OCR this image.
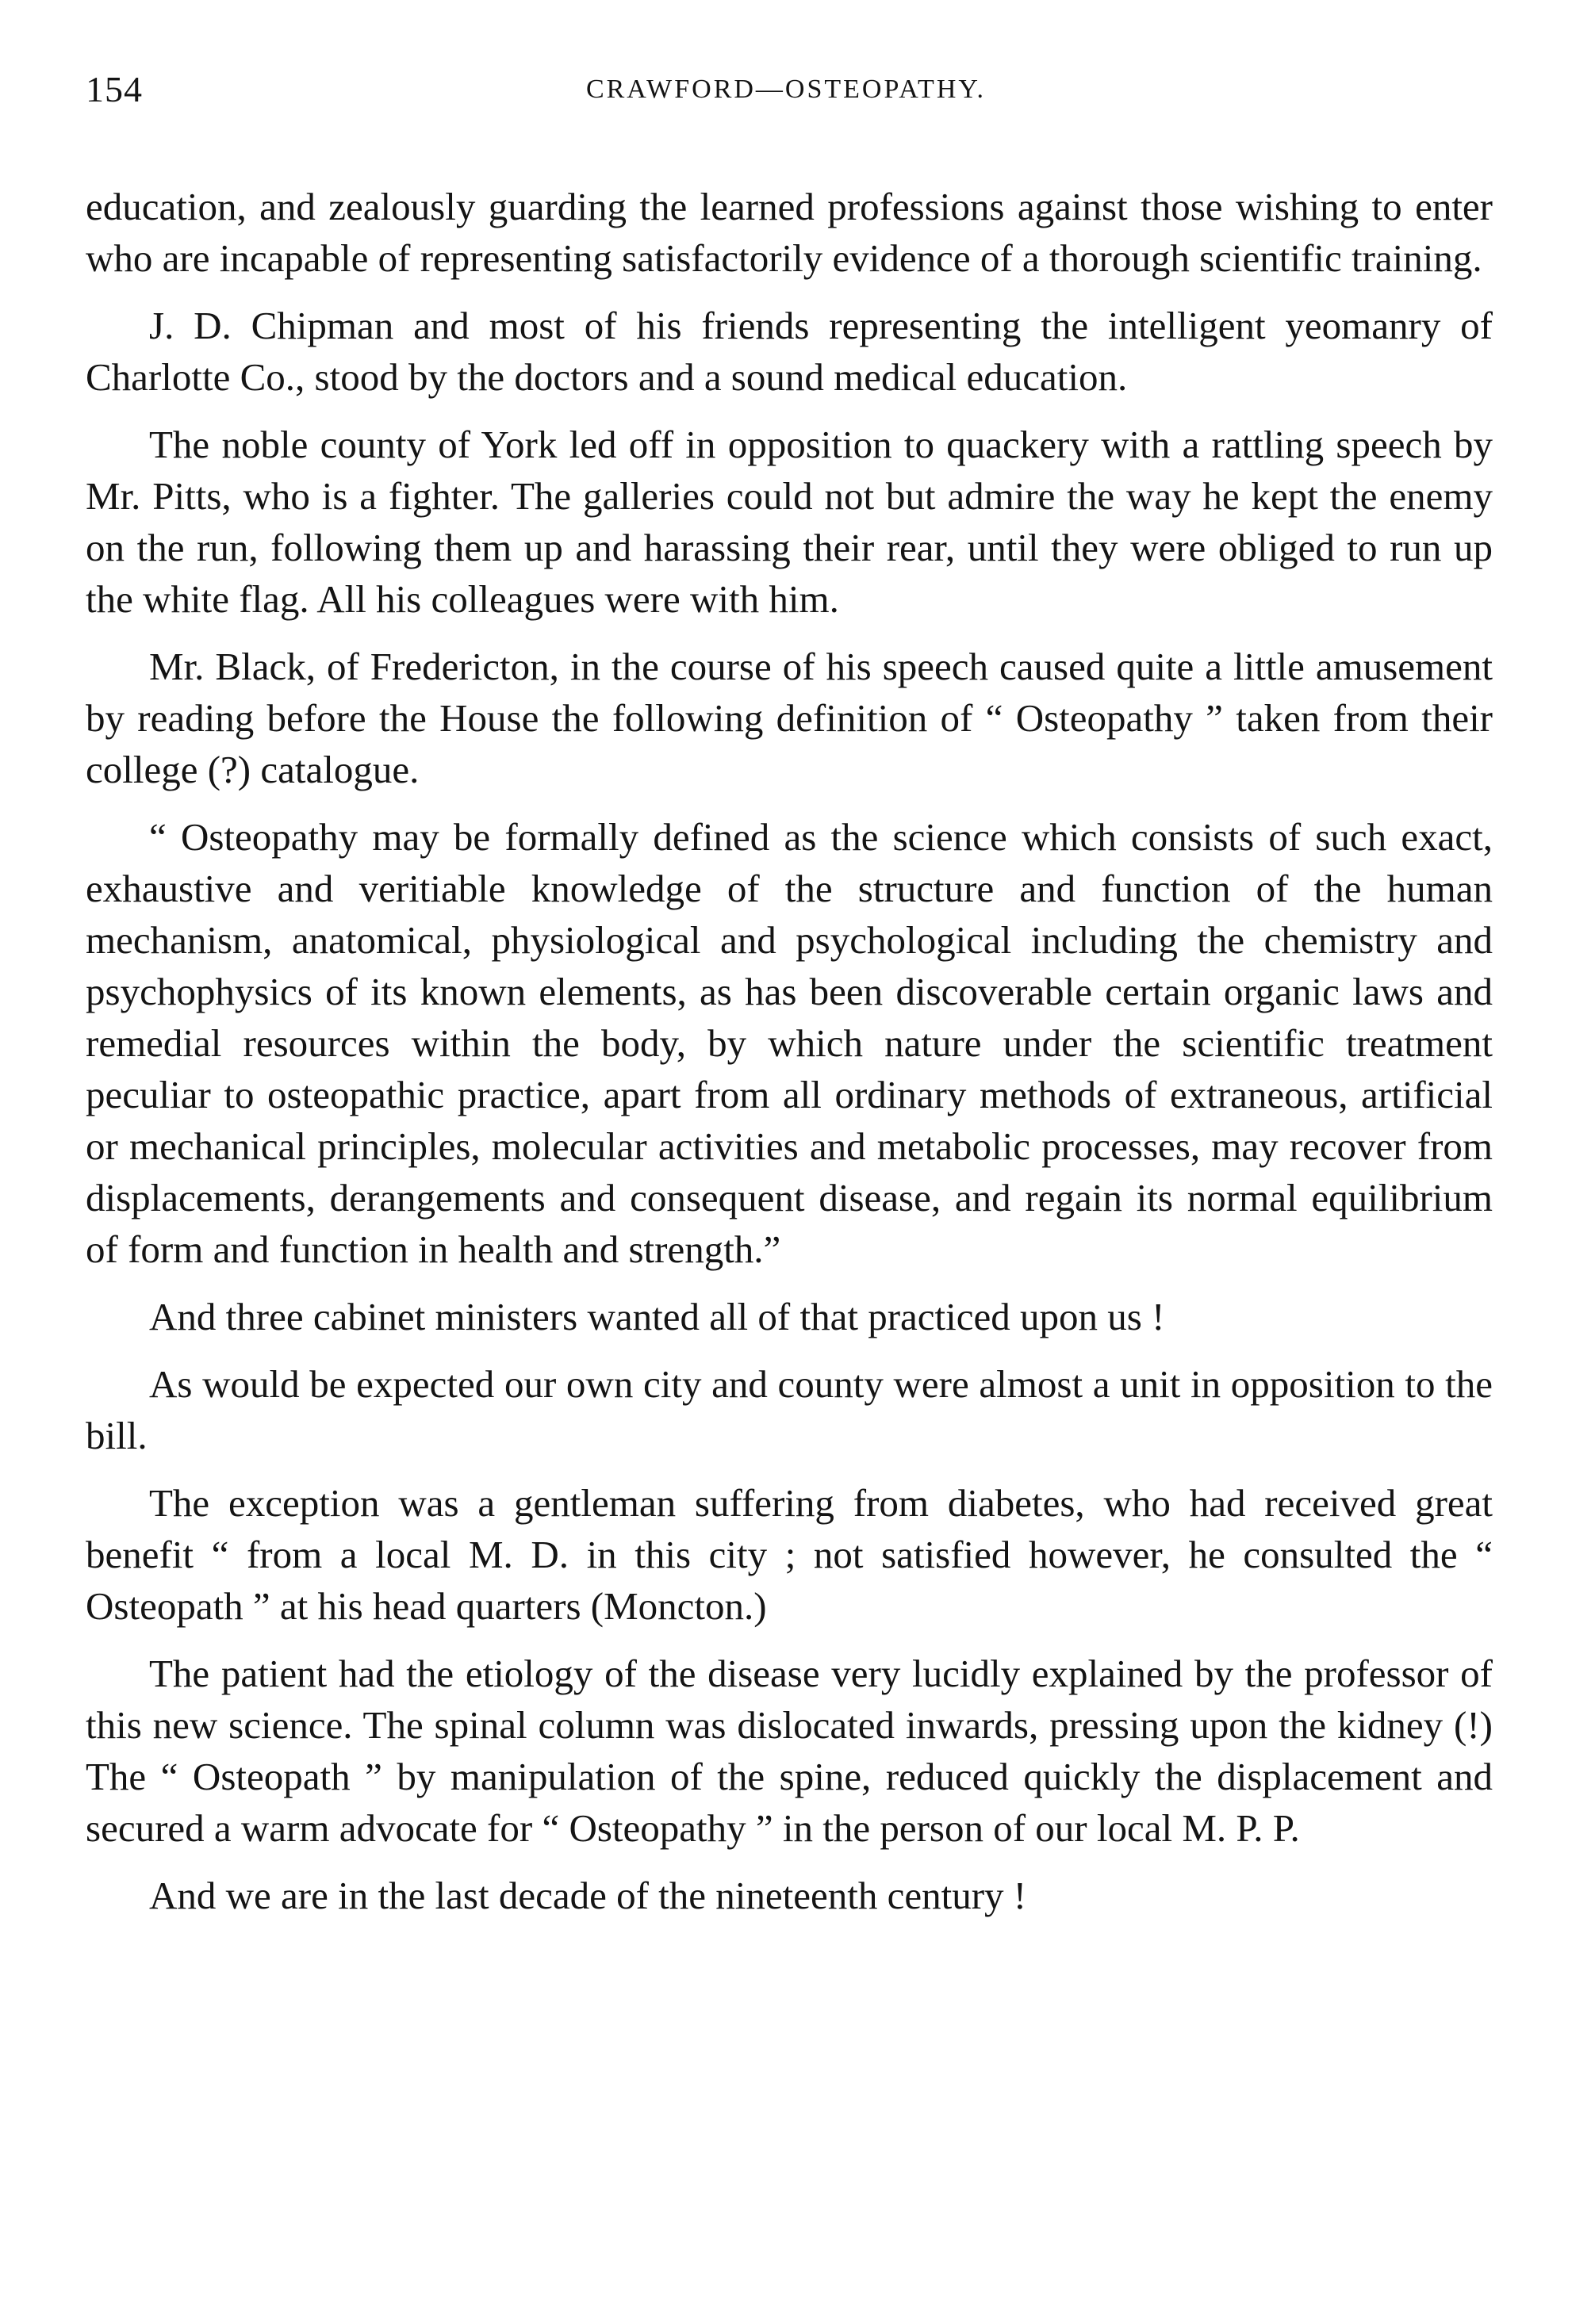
154	CRAWFORD—OSTEOPATHY.

education, and zealously guarding the learned professions against those wishing to enter who are incapable of representing satisfactorily evidence of a thorough scientific training.

J. D. Chipman and most of his friends representing the intelligent yeomanry of Charlotte Co., stood by the doctors and a sound medical education.

The noble county of York led off in opposition to quackery with a rattling speech by Mr. Pitts, who is a fighter. The galleries could not but admire the way he kept the enemy on the run, following them up and harassing their rear, until they were obliged to run up the white flag. All his colleagues were with him.

Mr. Black, of Fredericton, in the course of his speech caused quite a little amusement by reading before the House the following definition of “ Osteopathy ” taken from their college (?) catalogue.

“ Osteopathy may be formally defined as the science which consists of such exact, exhaustive and veritiable knowledge of the structure and function of the human mechanism, anatomical, physiological and psychological including the chemistry and psychophysics of its known elements, as has been discoverable certain organic laws and remedial resources within the body, by which nature under the scientific treatment peculiar to osteopathic practice, apart from all ordinary methods of extraneous, artificial or mechanical principles, molecular activities and metabolic processes, may recover from displacements, derangements and consequent disease, and regain its normal equilibrium of form and function in health and strength.”

And three cabinet ministers wanted all of that practiced upon us !

As would be expected our own city and county were almost a unit in opposition to the bill.

The exception was a gentleman suffering from diabetes, who had received great benefit “ from a local M. D. in this city ; not satisfied however, he consulted the “ Osteopath ” at his head quarters (Moncton.)

The patient had the etiology of the disease very lucidly explained by the professor of this new science. The spinal column was dislocated inwards, pressing upon the kidney (!) The “ Osteopath ” by manipulation of the spine, reduced quickly the displacement and secured a warm advocate for “ Osteopathy ” in the person of our local M. P. P.

And we are in the last decade of the nineteenth century !
